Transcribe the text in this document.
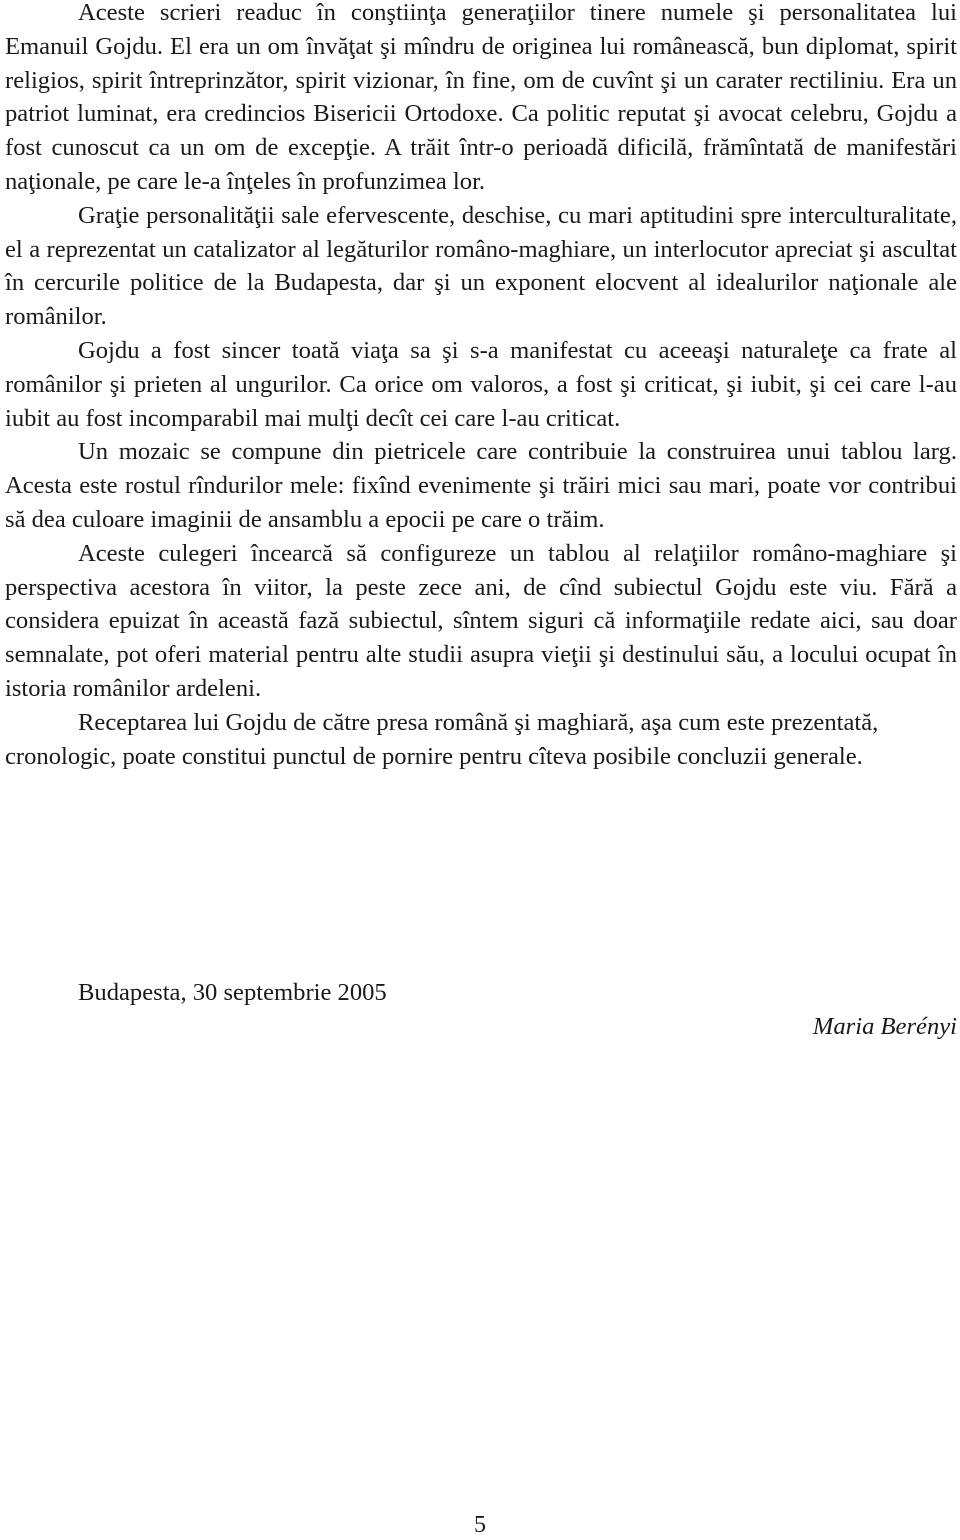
Aceste scrieri readuc în conştiinţa generaţiilor tinere numele şi personalitatea lui Emanuil Gojdu. El era un om învăţat şi mîndru de originea lui românească, bun diplomat, spirit religios, spirit întreprinzător, spirit vizionar, în fine, om de cuvînt şi un carater rectiliniu. Era un patriot luminat, era credincios Bisericii Ortodoxe. Ca politic reputat şi avocat celebru, Gojdu a fost cunoscut ca un om de excepţie. A trăit într-o perioadă dificilă, frămîntată de manifestări naţionale, pe care le-a înţeles în profunzimea lor.

Graţie personalităţii sale efervescente, deschise, cu mari aptitudini spre interculturalitate, el a reprezentat un catalizator al legăturilor româno-maghiare, un interlocutor apreciat şi ascultat în cercurile politice de la Budapesta, dar şi un exponent elocvent al idealurilor naţionale ale românilor.

Gojdu a fost sincer toată viaţa sa şi s-a manifestat cu aceeaşi naturaleţe ca frate al românilor şi prieten al ungurilor. Ca orice om valoros, a fost şi criticat, şi iubit, şi cei care l-au iubit au fost incomparabil mai mulţi decît cei care l-au criticat.

Un mozaic se compune din pietricele care contribuie la construirea unui tablou larg. Acesta este rostul rîndurilor mele: fixînd evenimente şi trăiri mici sau mari, poate vor contribui să dea culoare imaginii de ansamblu a epocii pe care o trăim.

Aceste culegeri încearcă să configureze un tablou al relaţiilor româno-maghiare şi perspectiva acestora în viitor, la peste zece ani, de cînd subiectul Gojdu este viu. Fără a considera epuizat în această fază subiectul, sîntem siguri că informaţiile redate aici, sau doar semnalate, pot oferi material pentru alte studii asupra vieţii şi destinului său, a locului ocupat în istoria românilor ardeleni.

Receptarea lui Gojdu de către presa română şi maghiară, aşa cum este prezentată, cronologic, poate constitui punctul de pornire pentru cîteva posibile concluzii generale.

Budapesta, 30 septembrie 2005

Maria Berényi

5
